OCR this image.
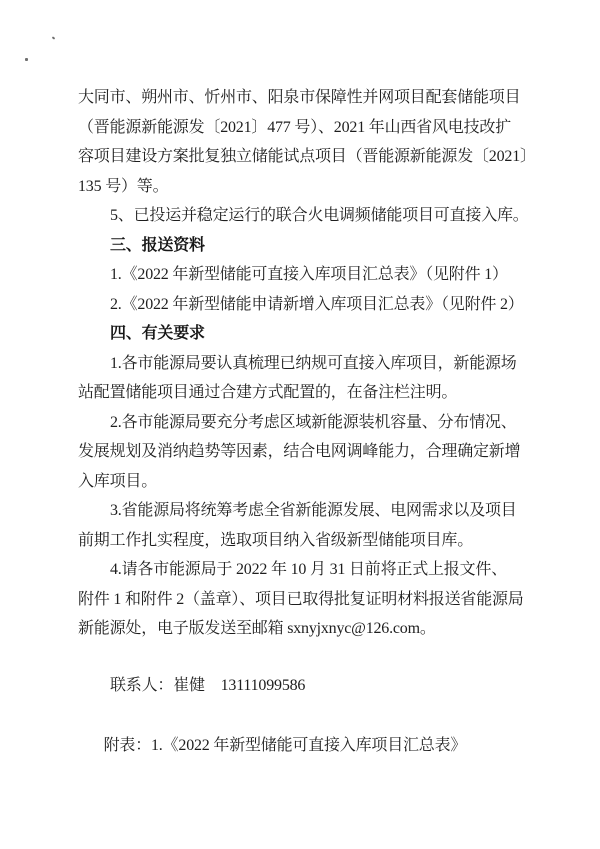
大同市、朔州市、忻州市、阳泉市保障性并网项目配套储能项目
（晋能源新能源发〔2021〕477 号）、2021 年山西省风电技改扩
容项目建设方案批复独立储能试点项目（晋能源新能源发〔2021〕
135 号）等。
5、已投运并稳定运行的联合火电调频储能项目可直接入库。
三、报送资料
1.《2022 年新型储能可直接入库项目汇总表》（见附件 1）
2.《2022 年新型储能申请新增入库项目汇总表》（见附件 2）
四、有关要求
1.各市能源局要认真梳理已纳规可直接入库项目，新能源场
站配置储能项目通过合建方式配置的，在备注栏注明。
2.各市能源局要充分考虑区域新能源装机容量、分布情况、
发展规划及消纳趋势等因素，结合电网调峰能力，合理确定新增
入库项目。
3.省能源局将统筹考虑全省新能源发展、电网需求以及项目
前期工作扎实程度，选取项目纳入省级新型储能项目库。
4.请各市能源局于 2022 年 10 月 31 日前将正式上报文件、
附件 1 和附件 2（盖章）、项目已取得批复证明材料报送省能源局
新能源处，电子版发送至邮箱 sxnyjxnyc@126.com。
联系人：崔健　13111099586
附表：1.《2022 年新型储能可直接入库项目汇总表》
